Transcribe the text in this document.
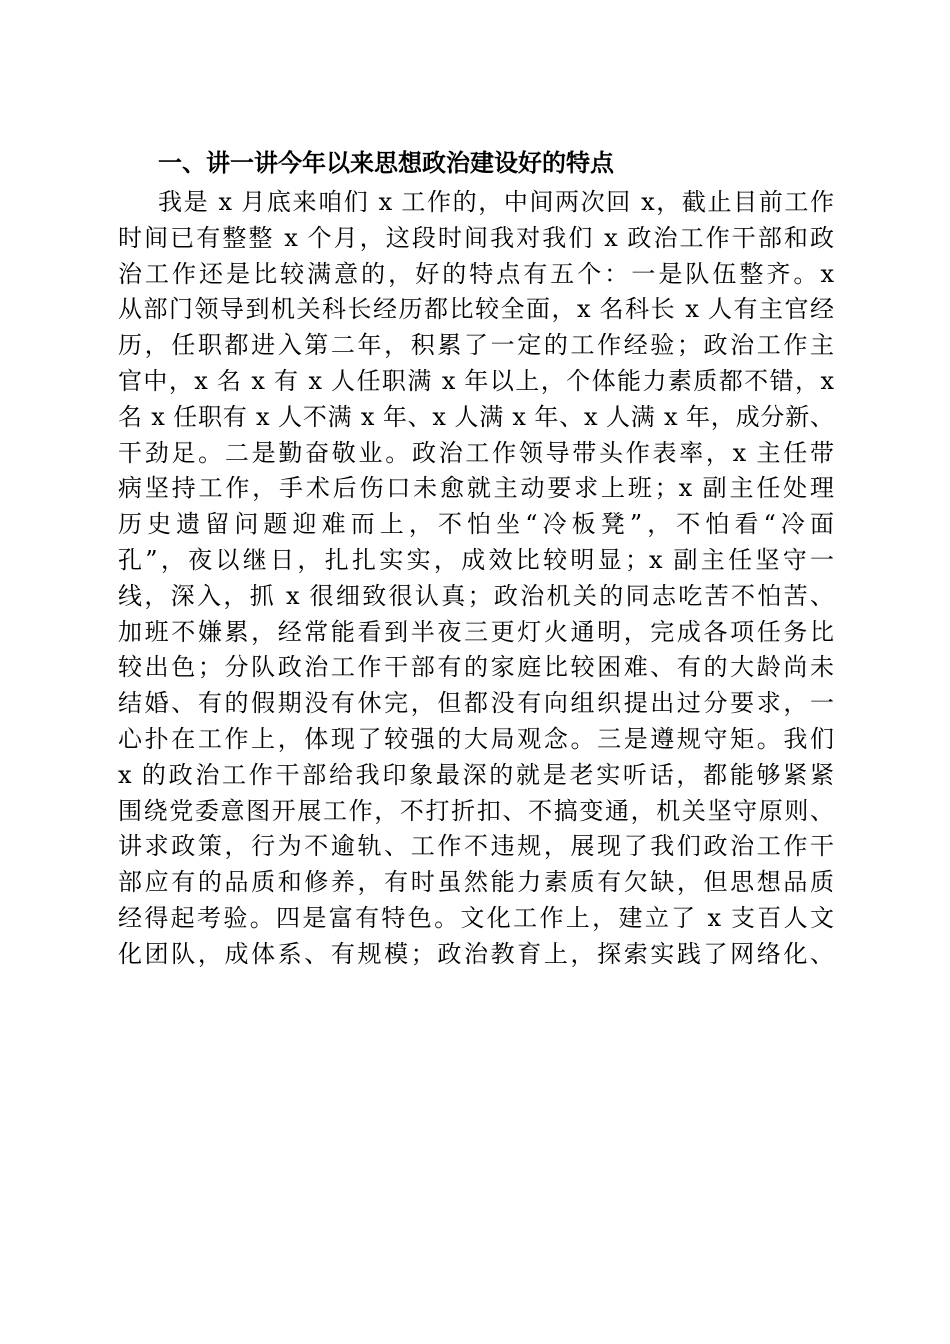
一、讲一讲今年以来思想政治建设好的特点
我是 x 月底来咱们 x 工作的，中间两次回 x，截止目前工作
时间已有整整 x 个月，这段时间我对我们 x 政治工作干部和政
治工作还是比较满意的，好的特点有五个：一是队伍整齐。x
从部门领导到机关科长经历都比较全面，x 名科长 x 人有主官经
历，任职都进入第二年，积累了一定的工作经验；政治工作主
官中，x 名 x 有 x 人任职满 x 年以上，个体能力素质都不错，x
名 x 任职有 x 人不满 x 年、x 人满 x 年、x 人满 x 年，成分新、
干劲足。二是勤奋敬业。政治工作领导带头作表率，x 主任带
病坚持工作，手术后伤口未愈就主动要求上班；x 副主任处理
历史遗留问题迎难而上，不怕坐“冷板凳”，不怕看“冷面
孔”，夜以继日，扎扎实实，成效比较明显；x 副主任坚守一
线，深入，抓 x 很细致很认真；政治机关的同志吃苦不怕苦、
加班不嫌累，经常能看到半夜三更灯火通明，完成各项任务比
较出色；分队政治工作干部有的家庭比较困难、有的大龄尚未
结婚、有的假期没有休完，但都没有向组织提出过分要求，一
心扑在工作上，体现了较强的大局观念。三是遵规守矩。我们
x 的政治工作干部给我印象最深的就是老实听话，都能够紧紧
围绕党委意图开展工作，不打折扣、不搞变通，机关坚守原则、
讲求政策，行为不逾轨、工作不违规，展现了我们政治工作干
部应有的品质和修养，有时虽然能力素质有欠缺，但思想品质
经得起考验。四是富有特色。文化工作上，建立了 x 支百人文
化团队，成体系、有规模；政治教育上，探索实践了网络化、
